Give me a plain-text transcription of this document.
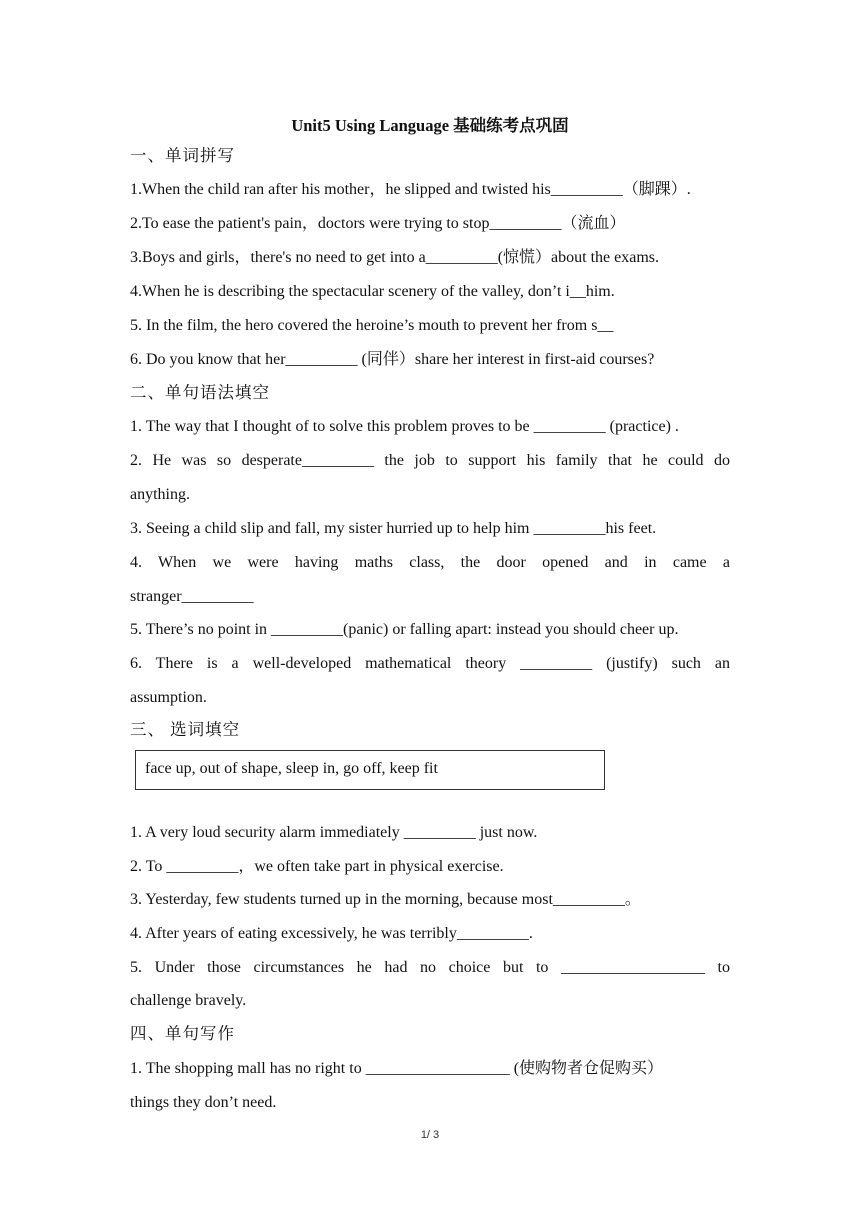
Unit5 Using Language 基础练考点巩固
一、单词拼写
1.When the child ran after his mother，he slipped and twisted his_________（脚踝）.
2.To ease the patient's pain，doctors were trying to stop_________（流血）
3.Boys and girls，there's no need to get into a_________(惊慌）about the exams.
4.When he is describing the spectacular scenery of the valley, don’t i__him.
5. In the film, the hero covered the heroine’s mouth to prevent her from s__
6. Do you know that her_________ (同伴）share her interest in first-aid courses?
二、单句语法填空
1. The way that I thought of to solve this problem proves to be _________ (practice) .
2. He was so desperate_________ the job to support his family that he could do
anything.
3. Seeing a child slip and fall, my sister hurried up to help him _________his feet.
4. When we were having maths class, the door opened and in came a
stranger_________
5. There’s no point in _________(panic) or falling apart: instead you should cheer up.
6. There is a well-developed mathematical theory _________ (justify) such an
assumption.
三、 选词填空
face up, out of shape, sleep in, go off, keep fit
1. A very loud security alarm immediately _________ just now.
2. To _________，we often take part in physical exercise.
3. Yesterday, few students turned up in the morning, because most_________。
4. After years of eating excessively, he was terribly_________.
5. Under those circumstances he had no choice but to __________________ to
challenge bravely.
四、单句写作
1. The shopping mall has no right to __________________ (使购物者仓促购买）
things they don’t need.
1/ 3
